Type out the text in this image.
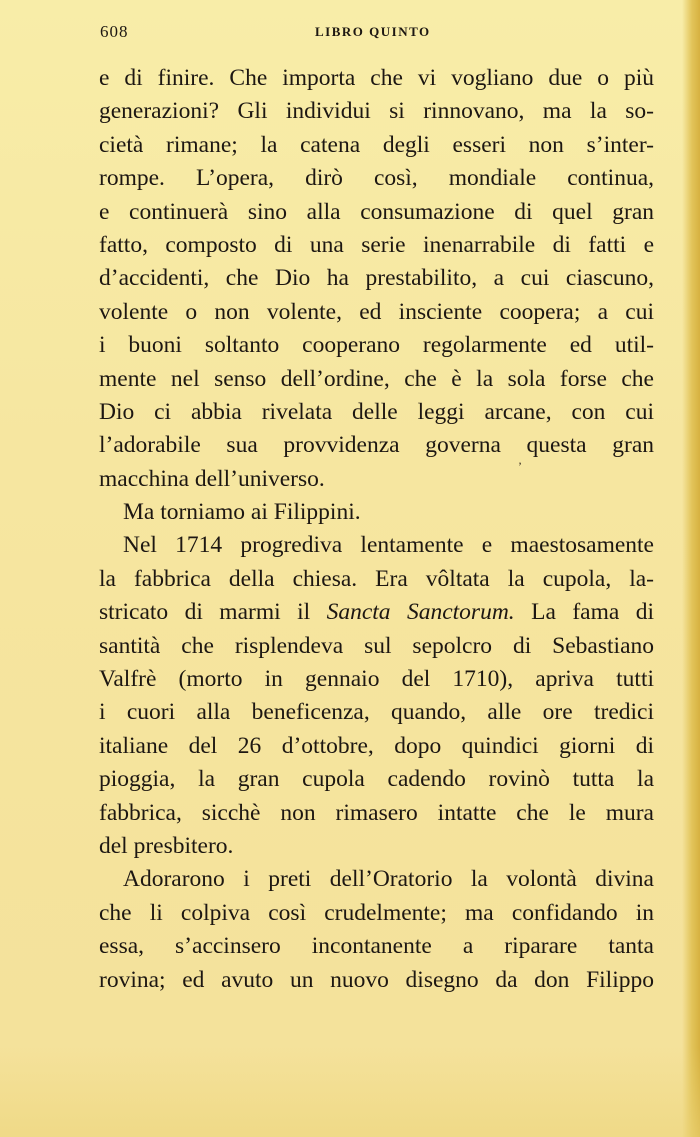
608	LIBRO QUINTO
e di finire. Che importa che vi vogliano due o più
generazioni? Gli individui si rinnovano, ma la so-
cietà rimane; la catena degli esseri non s’inter-
rompe. L’opera, dirò così, mondiale continua,
e continuerà sino alla consumazione di quel gran
fatto, composto di una serie inenarrabile di fatti e
d’accidenti, che Dio ha prestabilito, a cui ciascuno,
volente o non volente, ed insciente coopera; a cui
i buoni soltanto cooperano regolarmente ed util-
mente nel senso dell’ordine, che è la sola forse che
Dio ci abbia rivelata delle leggi arcane, con cui
l’adorabile sua provvidenza governa questa gran
macchina dell’universo.
Ma torniamo ai Filippini.
Nel 1714 progrediva lentamente e maestosamente
la fabbrica della chiesa. Era vôltata la cupola, la-
stricato di marmi il Sancta Sanctorum. La fama di
santità che risplendeva sul sepolcro di Sebastiano
Valfrè (morto in gennaio del 1710), apriva tutti
i cuori alla beneficenza, quando, alle ore tredici
italiane del 26 d’ottobre, dopo quindici giorni di
pioggia, la gran cupola cadendo rovinò tutta la
fabbrica, sicchè non rimasero intatte che le mura
del presbitero.
Adorarono i preti dell’Oratorio la volontà divina
che li colpiva così crudelmente; ma confidando in
essa, s’accinsero incontanente a riparare tanta
rovina; ed avuto un nuovo disegno da don Filippo
’
